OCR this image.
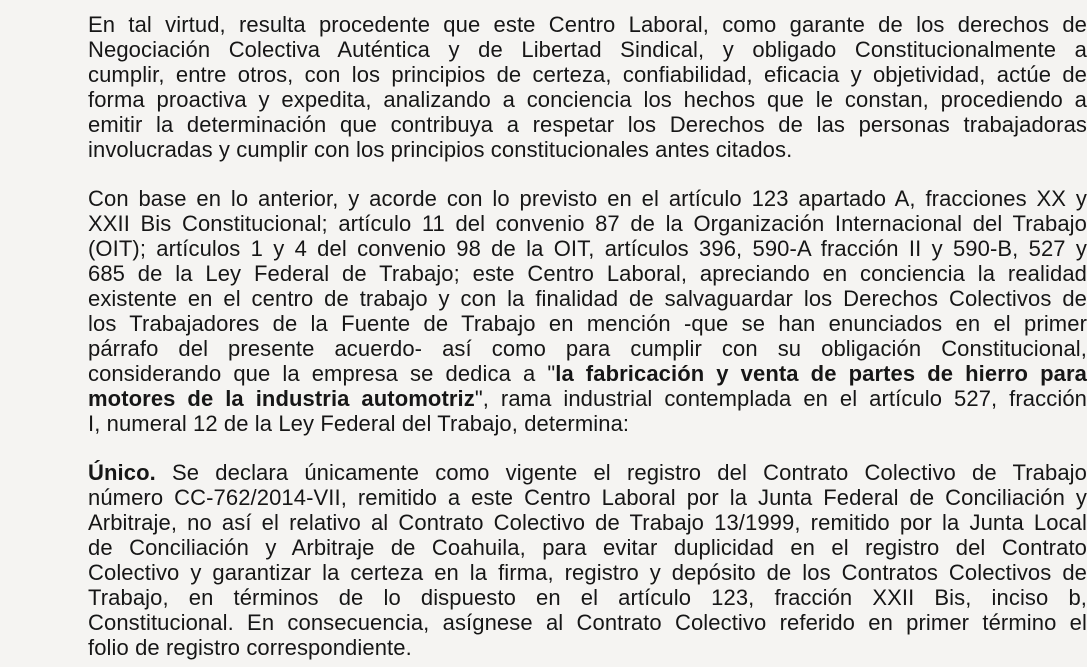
En tal virtud, resulta procedente que este Centro Laboral, como garante de los derechos de

Negociación Colectiva Auténtica y de Libertad Sindical, y obligado Constitucionalmente a

cumplir, entre otros, con los principios de certeza, confiabilidad, eficacia y objetividad, actúe de

forma proactiva y expedita, analizando a conciencia los hechos que le constan, procediendo a

emitir la determinación que contribuya a respetar los Derechos de las personas trabajadoras

involucradas y cumplir con los principios constitucionales antes citados.

Con base en lo anterior, y acorde con lo previsto en el artículo 123 apartado A, fracciones XX y

XXII Bis Constitucional; artículo 11 del convenio 87 de la Organización Internacional del Trabajo

(OIT); artículos 1 y 4 del convenio 98 de la OIT, artículos 396, 590-A fracción II y 590-B, 527 y

685 de la Ley Federal de Trabajo; este Centro Laboral, apreciando en conciencia la realidad

existente en el centro de trabajo y con la finalidad de salvaguardar los Derechos Colectivos de

los Trabajadores de la Fuente de Trabajo en mención -que se han enunciados en el primer

párrafo del presente acuerdo- así como para cumplir con su obligación Constitucional,

considerando que la empresa se dedica a "la fabricación y venta de partes de hierro para

motores de la industria automotriz", rama industrial contemplada en el artículo 527, fracción

I, numeral 12 de la Ley Federal del Trabajo, determina:

Único. Se declara únicamente como vigente el registro del Contrato Colectivo de Trabajo

número CC-762/2014-VII, remitido a este Centro Laboral por la Junta Federal de Conciliación y

Arbitraje, no así el relativo al Contrato Colectivo de Trabajo 13/1999, remitido por la Junta Local

de Conciliación y Arbitraje de Coahuila, para evitar duplicidad en el registro del Contrato

Colectivo y garantizar la certeza en la firma, registro y depósito de los Contratos Colectivos de

Trabajo, en términos de lo dispuesto en el artículo 123, fracción XXII Bis, inciso b,

Constitucional. En consecuencia, asígnese al Contrato Colectivo referido en primer término el

folio de registro correspondiente.
